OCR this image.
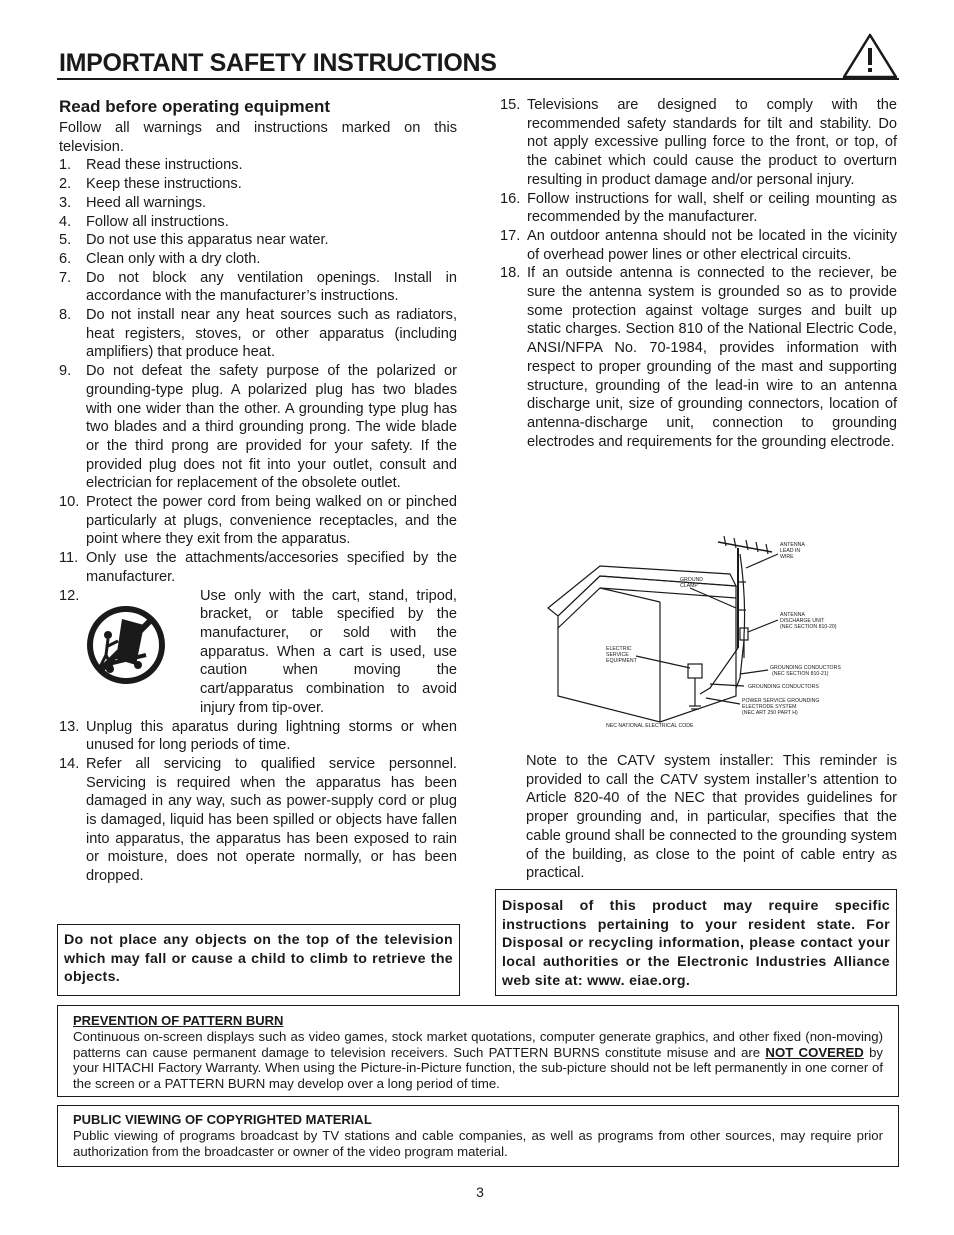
IMPORTANT SAFETY INSTRUCTIONS
Read before operating equipment

Follow all warnings and instructions marked on this television.

1.	Read these instructions.
2.	Keep these instructions.
3.	Heed all warnings.
4.	Follow all instructions.
5.	Do not use this apparatus near water.
6.	Clean only with a dry cloth.
7.	Do not block any ventilation openings. Install in accordance with the manufacturer’s instructions.
8.	Do not install near any heat sources such as radiators, heat registers, stoves, or other apparatus (including amplifiers) that produce heat.
9.	Do not defeat the safety purpose of the polarized or grounding-type plug. A polarized plug has two blades with one wider than the other. A grounding type plug has two blades and a third grounding prong. The wide blade or the third prong are provided for your safety. If the provided plug does not fit into your outlet, consult and electrician for replacement of the obsolete outlet.
10. Protect the power cord from being walked on or pinched particularly at plugs, convenience receptacles, and the point where they exit from the apparatus.
11. Only use the attachments/accesories specified by the manufacturer.
12.	Use only with the cart, stand, tripod, bracket, or table specified by the manufacturer, or sold with the apparatus. When a cart is used, use caution when moving the cart/apparatus combination to avoid injury from tip-over.
13. Unplug this aparatus during lightning storms or when unused for long periods of time.
14. Refer all servicing to qualified service personnel. Servicing is required when the apparatus has been damaged in any way, such as power-supply cord or plug is damaged, liquid has been spilled or objects have fallen into apparatus, the apparatus has been exposed to rain or moisture, does not operate normally, or has been dropped.
15. Televisions are designed to comply with the recommended safety standards for tilt and stability. Do not apply excessive pulling force to the front, or top, of the cabinet which could cause the product to overturn resulting in product damage and/or personal injury.
16. Follow instructions for wall, shelf or ceiling mounting as recommended by the manufacturer.
17. An outdoor antenna should not be located in the vicinity of overhead power lines or other electrical circuits.
18. If an outside antenna is connected to the reciever, be sure the antenna system is grounded so as to provide some protection against voltage surges and built up static charges. Section 810 of the National Electric Code, ANSI/NFPA No. 70-1984, provides information with respect to proper grounding of the mast and supporting structure, grounding of the lead-in wire to an antenna discharge unit, size of grounding connectors, location of antenna-discharge unit, connection to grounding electrodes and requirements for the grounding electrode.
ANTENNA
LEAD IN
WIRE
GROUND
CLAMP
ANTENNA
DISCHARGE UNIT
(NEC SECTION 810-20)
ELECTRIC
SERVICE
EQUIPMENT
GROUNDING CONDUCTORS
(NEC SECTION 810-21)
GROUNDING CONDUCTORS
POWER SERVICE GROUNDING
ELECTRODE SYSTEM
(NEC ART 250 PART H)
NEC NATIONAL ELECTRICAL CODE

Note to the CATV system installer: This reminder is provided to call the CATV system installer’s attention to Article 820-40 of the NEC that provides guidelines for proper grounding and, in particular, specifies that the cable ground shall be connected to the grounding system of the building, as close to the point of cable entry as practical.

Do not place any objects on the top of the television which may fall or cause a child to climb to retrieve the objects.
Disposal of this product may require specific instructions pertaining to your resident state. For Disposal or recycling information, please contact your local authorities or the Electronic Industries Alliance web site at: www. eiae.org.

PREVENTION OF PATTERN BURN

Continuous on-screen displays such as video games, stock market quotations, computer generate graphics, and other fixed (non-moving) patterns can cause permanent damage to television receivers. Such PATTERN BURNS constitute misuse and are NOT COVERED by your HITACHI Factory Warranty. When using the Picture-in-Picture function, the sub-picture should not be left permanently in one corner of the screen or a PATTERN BURN may develop over a long period of time.

PUBLIC VIEWING OF COPYRIGHTED MATERIAL

Public viewing of programs broadcast by TV stations and cable companies, as well as programs from other sources, may require prior authorization from the broadcaster or owner of the video program material.

3
